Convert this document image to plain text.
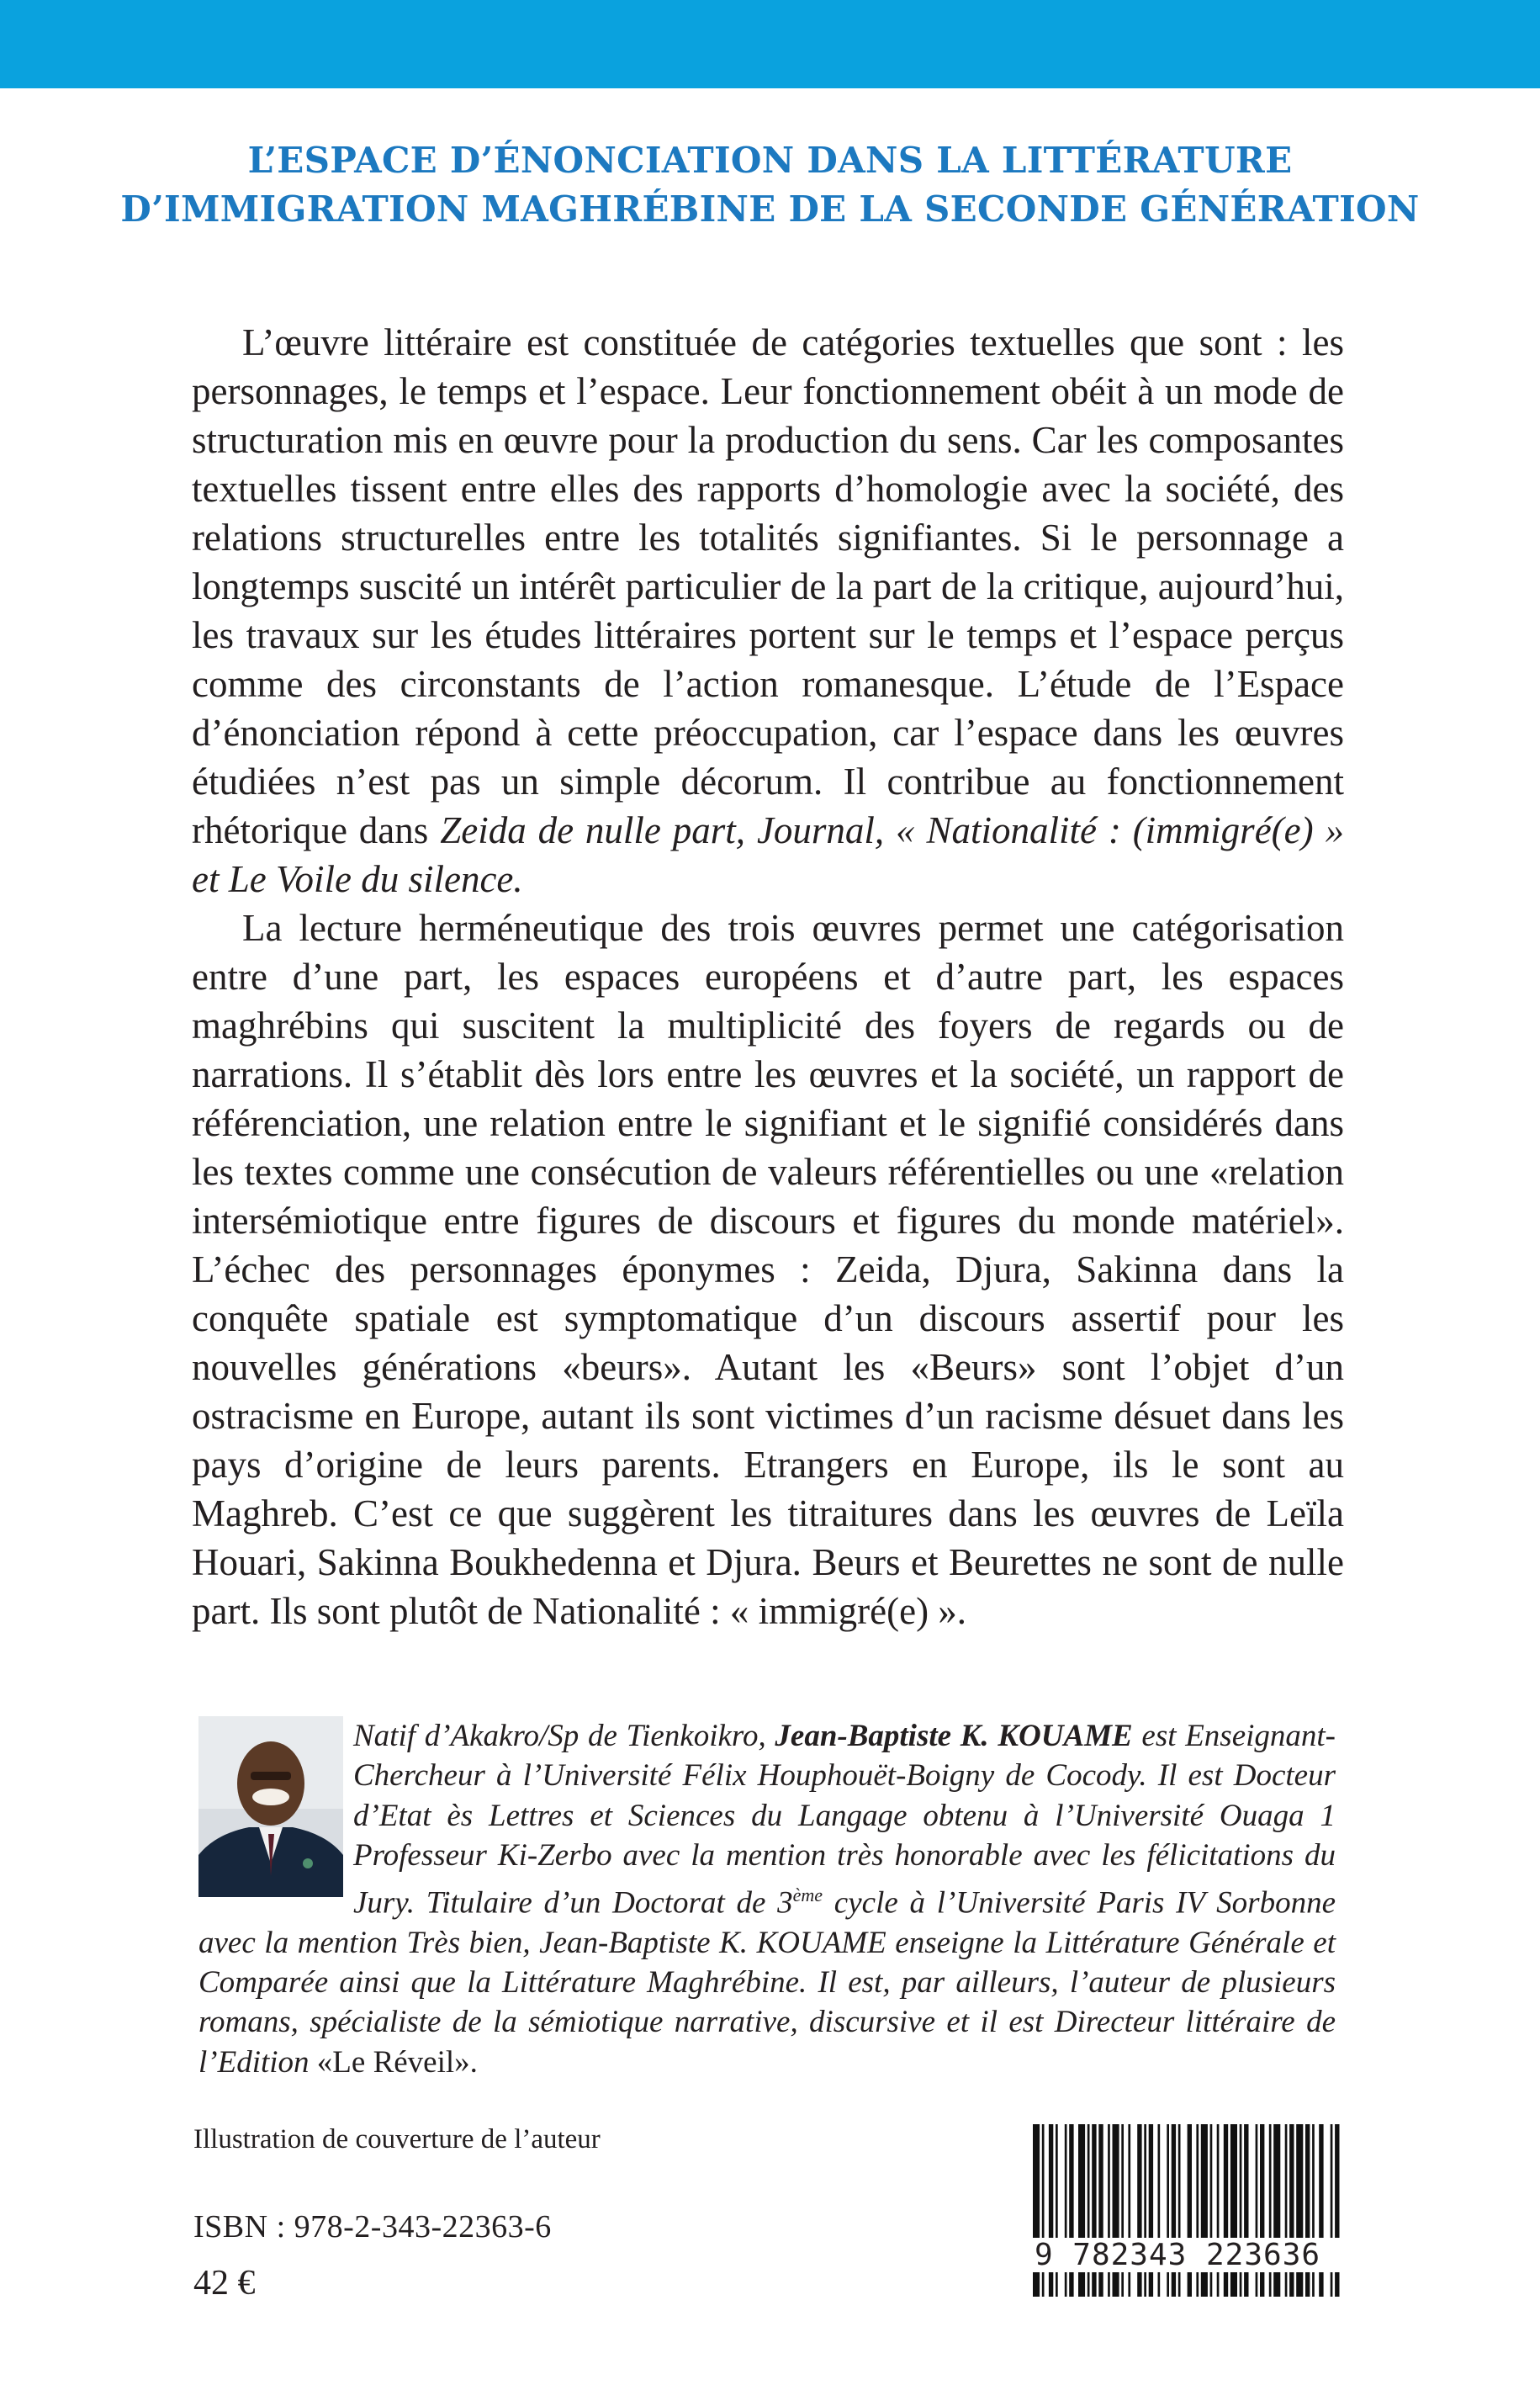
L’ESPACE D’ÉNONCIATION DANS LA LITTÉRATURE
D’IMMIGRATION MAGHRÉBINE DE LA SECONDE GÉNÉRATION

L’œuvre littéraire est constituée de catégories textuelles que sont : les personnages, le temps et l’espace. Leur fonctionnement obéit à un mode de structuration mis en œuvre pour la production du sens. Car les composantes textuelles tissent entre elles des rapports d’homologie avec la société, des relations structurelles entre les totalités signifiantes. Si le personnage a longtemps suscité un intérêt particulier de la part de la critique, aujourd’hui, les travaux sur les études littéraires portent sur le temps et l’espace perçus comme des circonstants de l’action romanesque. L’étude de l’Espace d’énonciation répond à cette préoccupation, car l’espace dans les œuvres étudiées n’est pas un simple décorum. Il contribue au fonctionnement rhétorique dans Zeida de nulle part, Journal, « Nationalité : (immigré(e) » et Le Voile du silence.

La lecture herméneutique des trois œuvres permet une catégorisation entre d’une part, les espaces européens et d’autre part, les espaces maghrébins qui suscitent la multiplicité des foyers de regards ou de narrations. Il s’établit dès lors entre les œuvres et la société, un rapport de référenciation, une relation entre le signifiant et le signifié considérés dans les textes comme une consécution de valeurs référentielles ou une «relation intersémiotique entre figures de discours et figures du monde matériel». L’échec des personnages éponymes : Zeida, Djura, Sakinna dans la conquête spatiale est symptomatique d’un discours assertif pour les nouvelles générations «beurs». Autant les «Beurs» sont l’objet d’un ostracisme en Europe, autant ils sont victimes d’un racisme désuet dans les pays d’origine de leurs parents. Etrangers en Europe, ils le sont au Maghreb. C’est ce que suggèrent les titraitures dans les œuvres de Leïla Houari, Sakinna Boukhedenna et Djura. Beurs et Beurettes ne sont de nulle part. Ils sont plutôt de Nationalité : « immigré(e) ».

Natif d’Akakro/Sp de Tienkoikro, Jean-Baptiste K. KOUAME est Enseignant-Chercheur à l’Université Félix Houphouët-Boigny de Cocody. Il est Docteur d’Etat ès Lettres et Sciences du Langage obtenu à l’Université Ouaga 1 Professeur Ki-Zerbo avec la mention très honorable avec les félicitations du Jury. Titulaire d’un Doctorat de 3ème cycle à l’Université Paris IV Sorbonne avec la mention Très bien, Jean-Baptiste K. KOUAME enseigne la Littérature Générale et Comparée ainsi que la Littérature Maghrébine. Il est, par ailleurs, l’auteur de plusieurs romans, spécialiste de la sémiotique narrative, discursive et il est Directeur littéraire de l’Edition «Le Réveil».

Illustration de couverture de l’auteur
ISBN : 978-2-343-22363-6
42 €
9 782343 223636
